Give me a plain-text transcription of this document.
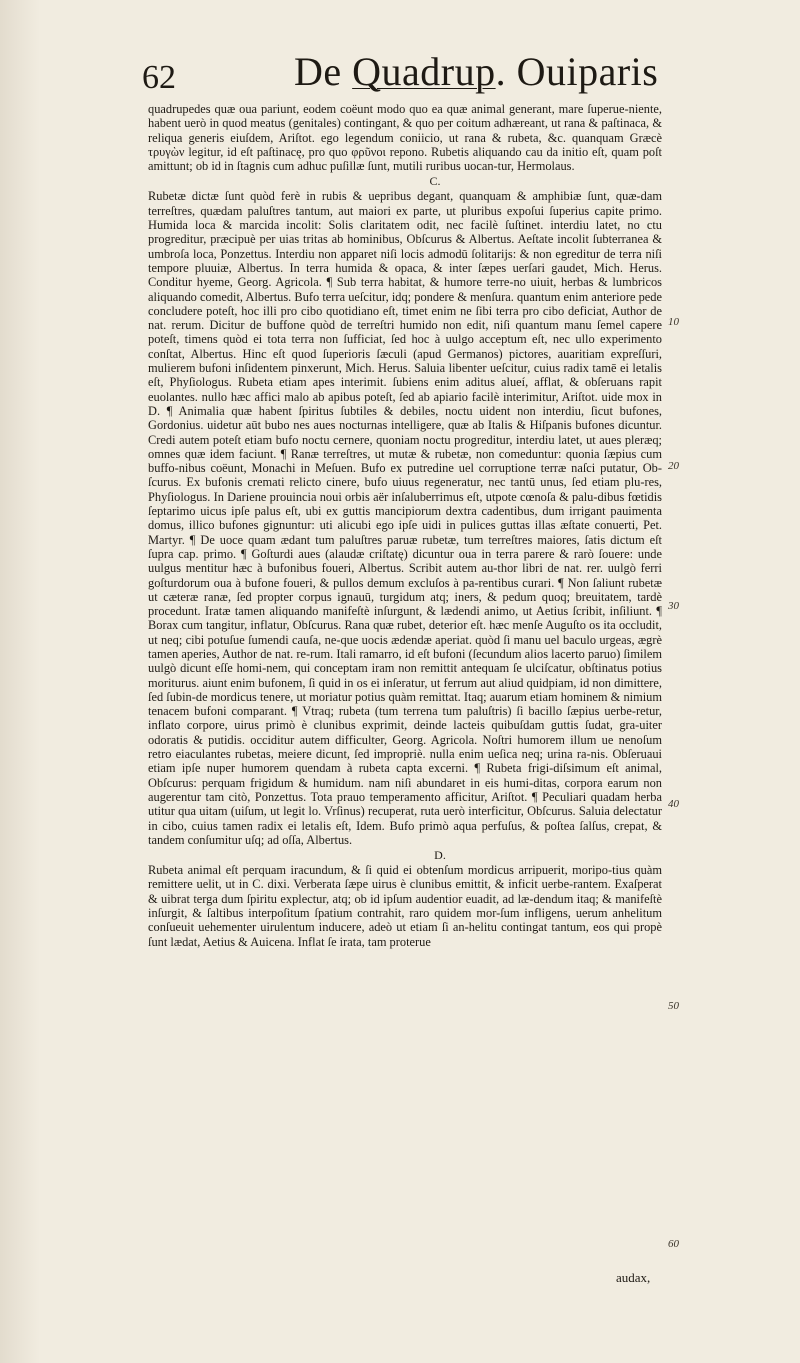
62	De Quadrup. Ouiparis

quadrupedes quæ oua pariunt, eodem coëunt modo quo ea quæ animal generant, mare ſuperue-niente, habent uerò in quod meatus (genitales) contingant, & quo per coitum adhæreant, ut rana & paſtinaca, & reliqua generis eiuſdem, Ariſtot. ego legendum coniicio, ut rana & rubeta, &c. quanquam Græcè τρυγὼν legitur, id eſt paſtinacę, pro quo φρῦνοι repono. Rubetis aliquando cau da initio eſt, quam poſt amittunt; ob id in ſtagnis cum adhuc puſillæ ſunt, mutili ruribus uocan-tur, Hermolaus.

C.

Rubetæ dictæ ſunt quòd ferè in rubis & uepribus degant, quanquam & amphibiæ ſunt, quæ-dam terreſtres, quædam paluſtres tantum, aut maiori ex parte, ut pluribus expoſui ſuperius capite primo. Humida loca & marcida incolit: Solis claritatem odit, nec facilè ſuſtinet. interdiu latet, no ctu progreditur, præcipuè per uias tritas ab hominibus, Obſcurus & Albertus. Aeſtate incolit ſubterranea & umbroſa loca, Ponzettus. Interdiu non apparet niſi locis admodū ſolitarijs: & non egreditur de terra niſi tempore pluuiæ, Albertus. In terra humida & opaca, & inter ſæpes uerſari gaudet, Mich. Herus. Conditur hyeme, Georg. Agricola. ¶ Sub terra habitat, & humore terre-no uiuit, herbas & lumbricos aliquando comedit, Albertus. Bufo terra ueſcitur, idq; pondere & menſura. quantum enim anteriore pede concludere poteſt, hoc illi pro cibo quotidiano eſt, timet enim ne ſibi terra pro cibo deficiat, Author de nat. rerum. Dicitur de buffone quòd de terreſtri humido non edit, niſi quantum manu ſemel capere poteſt, timens quòd ei tota terra non ſufficiat, ſed hoc à uulgo acceptum eſt, nec ullo experimento conſtat, Albertus. Hinc eſt quod ſuperioris ſæculi (apud Germanos) pictores, auaritiam expreſſuri, mulierem bufoni inſidentem pinxerunt, Mich. Herus. Saluia libenter ueſcitur, cuius radix tamē ei letalis eſt, Phyſiologus. Rubeta etiam apes interimit. ſubiens enim aditus alueí, afflat, & obſeruans rapit euolantes. nullo hæc affici malo ab apibus poteſt, ſed ab apiario facilè interimitur, Ariſtot. uide mox in D. ¶ Animalia quæ habent ſpiritus ſubtiles & debiles, noctu uident non interdiu, ſicut bufones, Gordonius. uidetur aūt bubo nes aues nocturnas intelligere, quæ ab Italis & Hiſpanis bufones dicuntur. Credi autem poteſt etiam bufo noctu cernere, quoniam noctu progreditur, interdiu latet, ut aues pleræq; omnes quæ idem faciunt. ¶ Ranæ terreſtres, ut mutæ & rubetæ, non comeduntur: quonia ſæpius cum buffo-nibus coëunt, Monachi in Meſuen. Bufo ex putredine uel corruptione terræ naſci putatur, Ob-ſcurus. Ex bufonis cremati relicto cinere, bufo uiuus regeneratur, nec tantū unus, ſed etiam plu-res, Phyſiologus. In Dariene prouincia noui orbis aër inſaluberrimus eſt, utpote cœnoſa & palu-dibus fœtidis ſeptarimo uicus ipſe palus eſt, ubi ex guttis mancipiorum dextra cadentibus, dum irrigant pauimenta domus, illico bufones gignuntur: uti alicubi ego ipſe uidi in pulices guttas illas æſtate conuerti, Pet. Martyr. ¶ De uoce quam ædant tum paluſtres paruæ rubetæ, tum terreſtres maiores, ſatis dictum eſt ſupra cap. primo. ¶ Goſturdi aues (alaudæ criſtatę) dicuntur oua in terra parere & rarò ſouere: unde uulgus mentitur hæc à bufonibus foueri, Albertus. Scribit autem au-thor libri de nat. rer. uulgò ferri goſturdorum oua à bufone foueri, & pullos demum excluſos à pa-rentibus curari. ¶ Non ſaliunt rubetæ ut cæteræ ranæ, ſed propter corpus ignauū, turgidum atq; iners, & pedum quoq; breuitatem, tardè procedunt. Iratæ tamen aliquando manifeſtè inſurgunt, & lædendi animo, ut Aetius ſcribit, inſiliunt. ¶ Borax cum tangitur, inflatur, Obſcurus. Rana quæ rubet, deterior eſt. hæc menſe Auguſto os ita occludit, ut neq; cibi potuſue ſumendi cauſa, ne-que uocis ædendæ aperiat. quòd ſi manu uel baculo urgeas, ægrè tamen aperies, Author de nat. re-rum. Itali ramarro, id eſt bufoni (ſecundum alios lacerto paruo) ſimilem uulgò dicunt eſſe homi-nem, qui conceptam iram non remittit antequam ſe ulciſcatur, obſtinatus potius moriturus. aiunt enim bufonem, ſi quid in os ei inſeratur, ut ferrum aut aliud quidpiam, id non dimittere, ſed ſubin-de mordicus tenere, ut moriatur potius quàm remittat. Itaq; auarum etiam hominem & nimium tenacem bufoni comparant. ¶ Vtraq; rubeta (tum terrena tum paluſtris) ſi bacillo ſæpius uerbe-retur, inflato corpore, uirus primò è clunibus exprimit, deinde lacteis quibuſdam guttis ſudat, gra-uiter odoratis & putidis. occiditur autem difficulter, Georg. Agricola. Noſtri humorem illum ue nenoſum retro eiaculantes rubetas, meiere dicunt, ſed impropriè. nulla enim ueſica neq; urina ra-nis. Obſeruaui etiam ipſe nuper humorem quendam à rubeta capta excerni. ¶ Rubeta frigi-diſsimum eſt animal, Obſcurus: perquam frigidum & humidum. nam niſi abundaret in eis humi-ditas, corpora earum non augerentur tam citò, Ponzettus. Tota prauo temperamento afficitur, Ariſtot. ¶ Peculiari quadam herba utitur qua uitam (uiſum, ut legit lo. Vrſinus) recuperat, ruta uerò interficitur, Obſcurus. Saluia delectatur in cibo, cuius tamen radix ei letalis eſt, Idem. Bufo primò aqua perfuſus, & poſtea ſalſus, crepat, & tandem conſumitur uſq; ad oſſa, Albertus.

D.

Rubeta animal eſt perquam iracundum, & ſi quid ei obtenſum mordicus arripuerit, moripo-tius quàm remittere uelit, ut in C. dixi. Verberata ſæpe uirus è clunibus emittit, & inficit uerbe-rantem. Exaſperat & uibrat terga dum ſpiritu explectur, atq; ob id ipſum audentior euadit, ad læ-dendum itaq; & manifeſtè inſurgit, & ſaltibus interpoſitum ſpatium contrahit, raro quidem mor-ſum infligens, uerum anhelitum conſueuit uehementer uirulentum inducere, adeò ut etiam ſi an-helitu contingat tantum, eos qui propè ſunt lædat, Aetius & Auicena. Inflat ſe irata, tam proterue

10
20
30
40
50
60
audax,
